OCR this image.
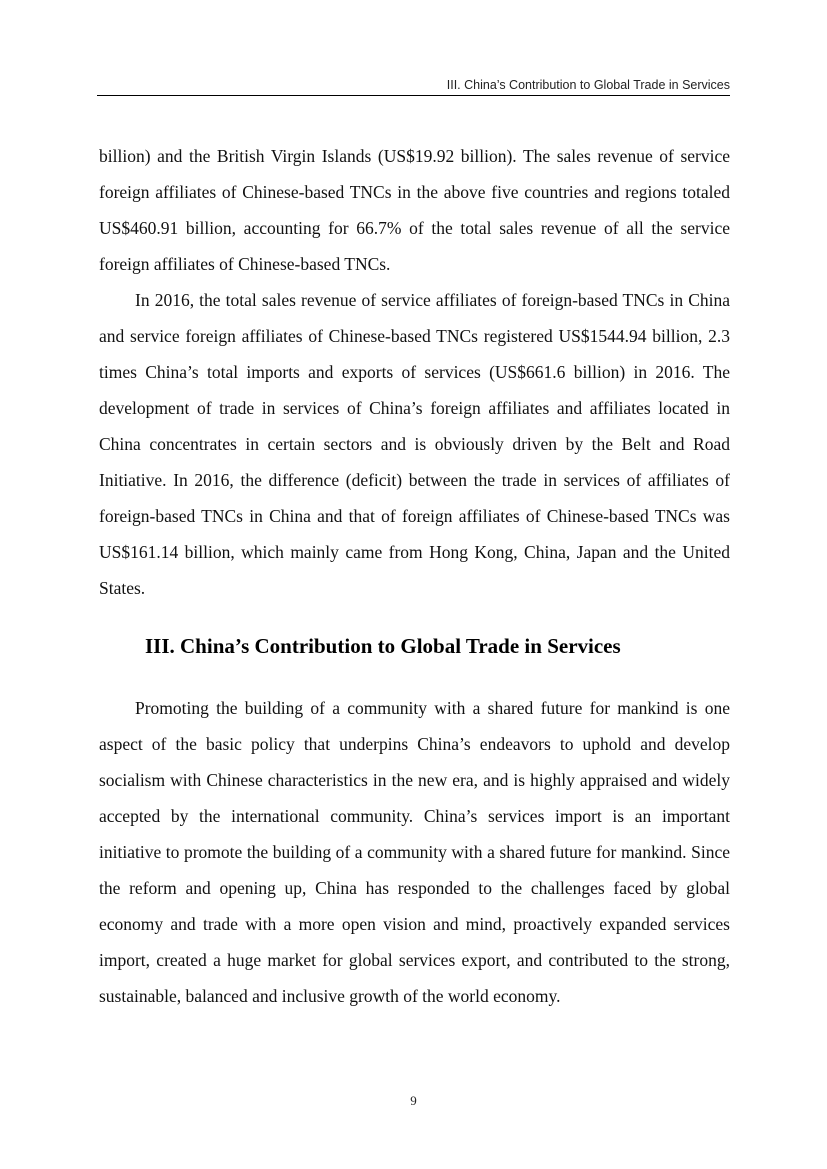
III. China’s Contribution to Global Trade in Services

billion) and the British Virgin Islands (US$19.92 billion). The sales revenue of service foreign affiliates of Chinese-based TNCs in the above five countries and regions totaled US$460.91 billion, accounting for 66.7% of the total sales revenue of all the service foreign affiliates of Chinese-based TNCs.

In 2016, the total sales revenue of service affiliates of foreign-based TNCs in China and service foreign affiliates of Chinese-based TNCs registered US$1544.94 billion, 2.3 times China’s total imports and exports of services (US$661.6 billion) in 2016. The development of trade in services of China’s foreign affiliates and affiliates located in China concentrates in certain sectors and is obviously driven by the Belt and Road Initiative. In 2016, the difference (deficit) between the trade in services of affiliates of foreign-based TNCs in China and that of foreign affiliates of Chinese-based TNCs was US$161.14 billion, which mainly came from Hong Kong, China, Japan and the United States.

III. China’s Contribution to Global Trade in Services

Promoting the building of a community with a shared future for mankind is one aspect of the basic policy that underpins China’s endeavors to uphold and develop socialism with Chinese characteristics in the new era, and is highly appraised and widely accepted by the international community. China’s services import is an important initiative to promote the building of a community with a shared future for mankind. Since the reform and opening up, China has responded to the challenges faced by global economy and trade with a more open vision and mind, proactively expanded services import, created a huge market for global services export, and contributed to the strong, sustainable, balanced and inclusive growth of the world economy.

9
